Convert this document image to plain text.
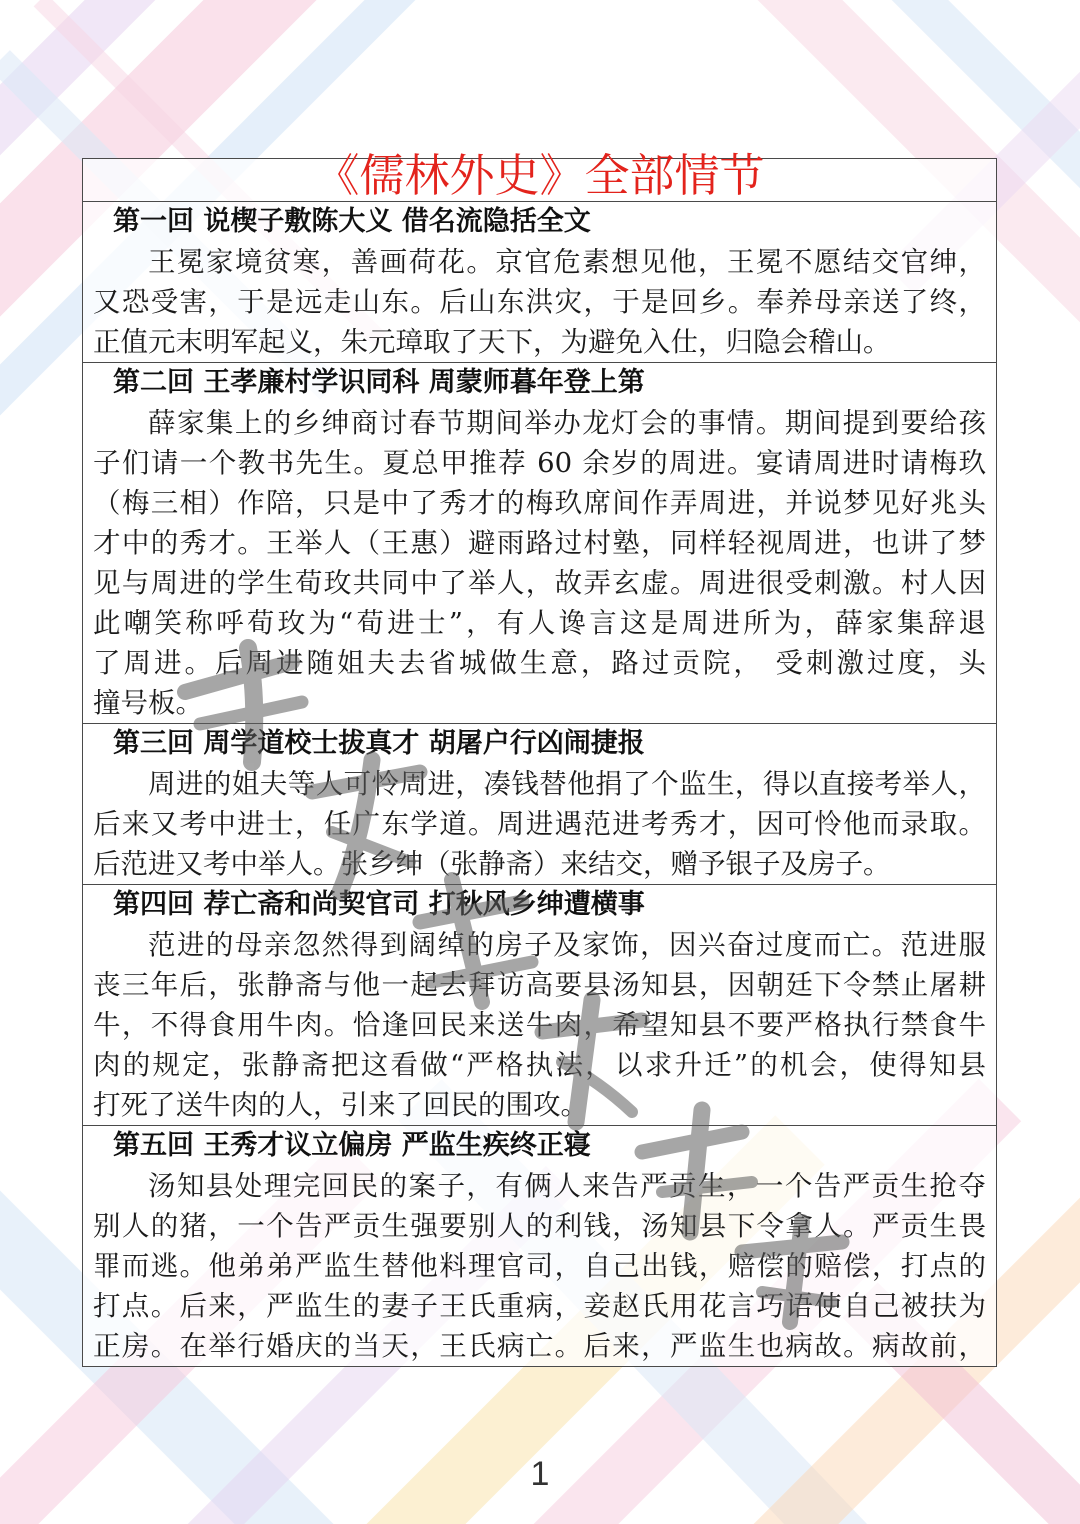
《儒林外史》全部情节
第一回 说楔子敷陈大义 借名流隐括全文
王冕家境贫寒，善画荷花。京官危素想见他，王冕不愿结交官绅，
又恐受害，于是远走山东。后山东洪灾，于是回乡。奉养母亲送了终，
正值元末明军起义，朱元璋取了天下，为避免入仕，归隐会稽山。
第二回 王孝廉村学识同科 周蒙师暮年登上第
薛家集上的乡绅商讨春节期间举办龙灯会的事情。期间提到要给孩
子们请一个教书先生。夏总甲推荐 60 余岁的周进。宴请周进时请梅玖
（梅三相）作陪，只是中了秀才的梅玖席间作弄周进，并说梦见好兆头
才中的秀才。王举人（王惠）避雨路过村塾，同样轻视周进，也讲了梦
见与周进的学生荀玫共同中了举人，故弄玄虚。周进很受刺激。村人因
此嘲笑称呼荀玫为“荀进士”，有人谗言这是周进所为，薛家集辞退
了周进。后周进随姐夫去省城做生意，路过贡院， 受刺激过度，头
撞号板。
第三回 周学道校士拔真才 胡屠户行凶闹捷报
周进的姐夫等人可怜周进，凑钱替他捐了个监生，得以直接考举人，
后来又考中进士，任广东学道。周进遇范进考秀才，因可怜他而录取。
后范进又考中举人。张乡绅（张静斋）来结交，赠予银子及房子。
第四回 荐亡斋和尚契官司 打秋风乡绅遭横事
范进的母亲忽然得到阔绰的房子及家饰，因兴奋过度而亡。范进服
丧三年后，张静斋与他一起去拜访高要县汤知县，因朝廷下令禁止屠耕
牛，不得食用牛肉。恰逢回民来送牛肉，希望知县不要严格执行禁食牛
肉的规定，张静斋把这看做“严格执法，以求升迁”的机会，使得知县
打死了送牛肉的人，引来了回民的围攻。
第五回 王秀才议立偏房 严监生疾终正寝
汤知县处理完回民的案子，有俩人来告严贡生，一个告严贡生抢夺
别人的猪，一个告严贡生强要别人的利钱，汤知县下令拿人。严贡生畏
罪而逃。他弟弟严监生替他料理官司，自己出钱，赔偿的赔偿，打点的
打点。后来，严监生的妻子王氏重病，妾赵氏用花言巧语使自己被扶为
正房。在举行婚庆的当天，王氏病亡。后来，严监生也病故。病故前，
1
